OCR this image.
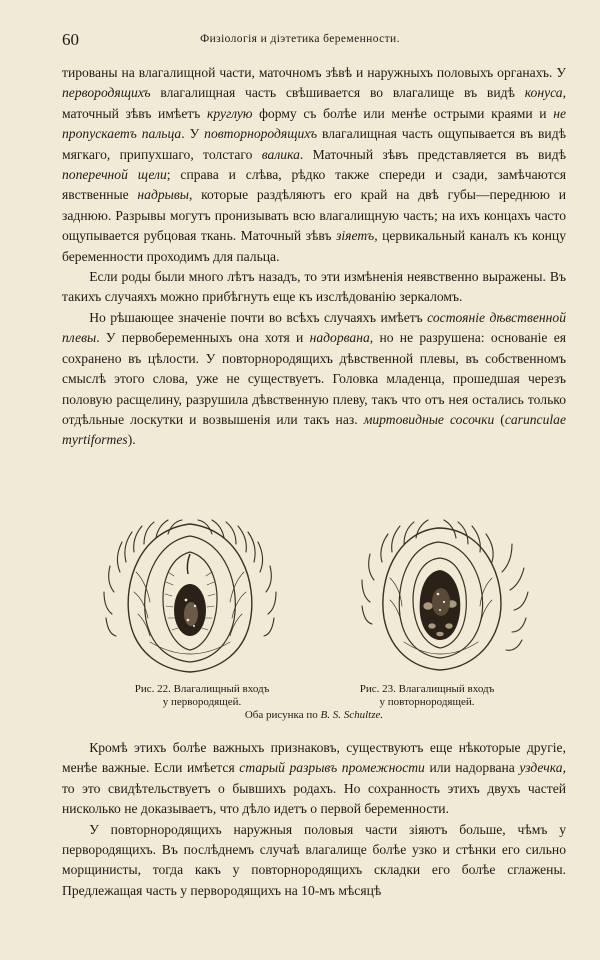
60	Физіологія и діэтетика беременности.

тированы на влагалищной части, маточномъ зѣвѣ и наружныхъ половыхъ органахъ. У первородящихъ влагалищная часть свѣшивается во влагалище въ видѣ конуса, маточный зѣвъ имѣетъ круглую форму съ болѣе или менѣе острыми краями и не пропускаетъ пальца. У повторнородящихъ влагалищная часть ощупывается въ видѣ мягкаго, припухшаго, толстаго валика. Маточный зѣвъ представляется въ видѣ поперечной щели; справа и слѣва, рѣдко также спереди и сзади, замѣчаются явственные надрывы, которые раздѣляютъ его край на двѣ губы—переднюю и заднюю. Разрывы могутъ пронизывать всю влагалищную часть; на ихъ концахъ часто ощупывается рубцовая ткань. Маточный зѣвъ зіяетъ, цервикальный каналъ къ концу беременности проходимъ для пальца.

Если роды были много лѣтъ назадъ, то эти измѣненія неявственно выражены. Въ такихъ случаяхъ можно прибѣгнуть еще къ изслѣдованію зеркаломъ.

Но рѣшающее значеніе почти во всѣхъ случаяхъ имѣетъ состояніе дѣвственной плевы. У первобеременныхъ она хотя и надорвана, но не разрушена: основаніе ея сохранено въ цѣлости. У повторнородящихъ дѣвственной плевы, въ собственномъ смыслѣ этого слова, уже не существуетъ. Головка младенца, прошедшая черезъ половую расщелину, разрушила дѣвственную плеву, такъ что отъ нея остались только отдѣльные лоскутки и возвышенія или такъ наз. миртовидные сосочки (carunculae myrtiformes).

Рис. 22. Влагалищный входъ
у первородящей.
Рис. 23. Влагалищный входъ
у повторнородящей.
Оба рисунка по B. S. Schultze.

Кромѣ этихъ болѣе важныхъ признаковъ, существуютъ еще нѣкоторые другіе, менѣе важные. Если имѣется старый разрывъ промежности или надорвана уздечка, то это свидѣтельствуетъ о бывшихъ родахъ. Но сохранность этихъ двухъ частей нисколько не доказываетъ, что дѣло идетъ о первой беременности.

У повторнородящихъ наружныя половыя части зіяютъ больше, чѣмъ у первородящихъ. Въ послѣднемъ случаѣ влагалище болѣе узко и стѣнки его сильно морщинисты, тогда какъ у повторнородящихъ складки его болѣе сглажены. Предлежащая часть у первородящихъ на 10-мъ мѣсяцѣ
